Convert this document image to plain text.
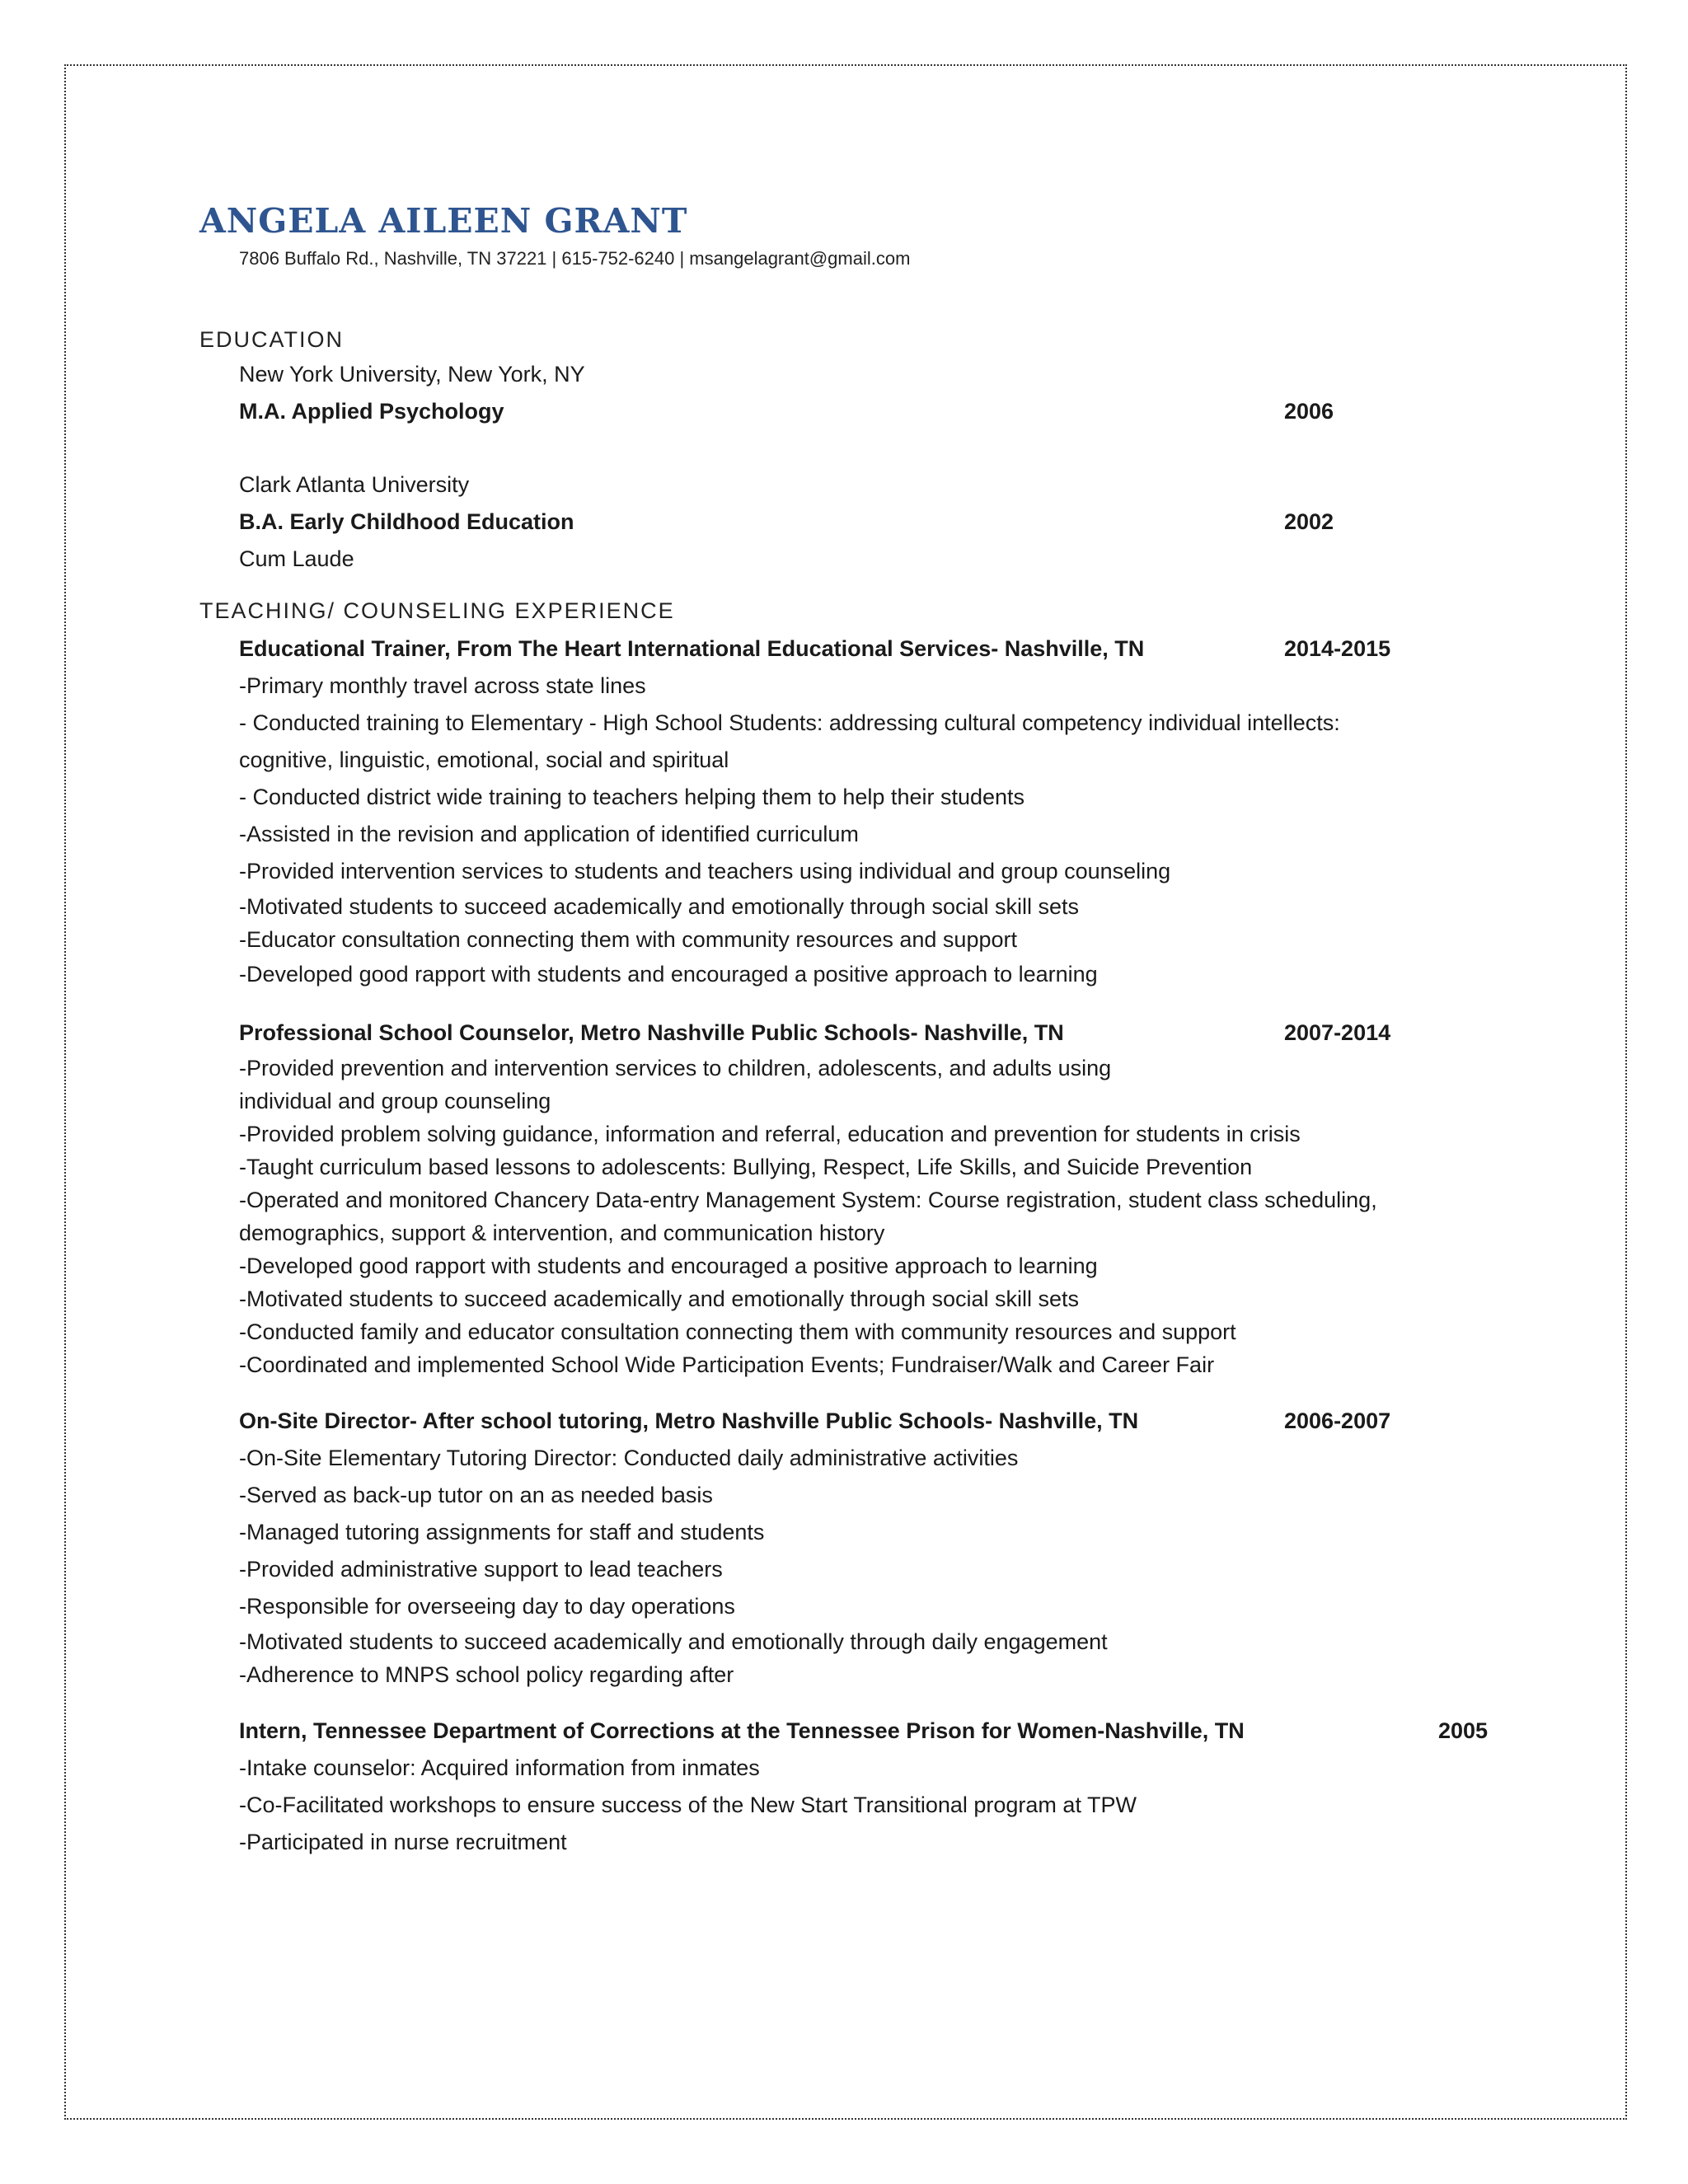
ANGELA AILEEN GRANT
7806 Buffalo Rd., Nashville, TN 37221 | 615-752-6240 | msangelagrant@gmail.com
EDUCATION
New York University, New York, NY
M.A. Applied Psychology	2006
Clark Atlanta University
B.A. Early Childhood Education	2002
Cum Laude
TEACHING/ COUNSELING EXPERIENCE
Educational Trainer, From The Heart International Educational Services- Nashville, TN	2014-2015
-Primary monthly travel across state lines
- Conducted training to Elementary - High School Students: addressing cultural competency individual intellects:
cognitive, linguistic, emotional, social and spiritual
- Conducted district wide training to teachers helping them to help their students
-Assisted in the revision and application of identified curriculum
-Provided intervention services to students and teachers using individual and group counseling
-Motivated students to succeed academically and emotionally through social skill sets
-Educator consultation connecting them with community resources and support
-Developed good rapport with students and encouraged a positive approach to learning
Professional School Counselor, Metro Nashville Public Schools- Nashville, TN	2007-2014
-Provided prevention and intervention services to children, adolescents, and adults using
individual and group counseling
-Provided problem solving guidance, information and referral, education and prevention for students in crisis
-Taught curriculum based lessons to adolescents: Bullying, Respect, Life Skills, and Suicide Prevention
-Operated and monitored Chancery Data-entry Management System: Course registration, student class scheduling,
demographics, support & intervention, and communication history
-Developed good rapport with students and encouraged a positive approach to learning
-Motivated students to succeed academically and emotionally through social skill sets
-Conducted family and educator consultation connecting them with community resources and support
-Coordinated and implemented School Wide Participation Events; Fundraiser/Walk and Career Fair
On-Site Director- After school tutoring, Metro Nashville Public Schools- Nashville, TN	2006-2007
-On-Site Elementary Tutoring Director: Conducted daily administrative activities
-Served as back-up tutor on an as needed basis
-Managed tutoring assignments for staff and students
-Provided administrative support to lead teachers
-Responsible for overseeing day to day operations
-Motivated students to succeed academically and emotionally through daily engagement
-Adherence to MNPS school policy regarding after
Intern, Tennessee Department of Corrections at the Tennessee Prison for Women-Nashville, TN	2005
-Intake counselor: Acquired information from inmates
-Co-Facilitated workshops to ensure success of the New Start Transitional program at TPW
-Participated in nurse recruitment
